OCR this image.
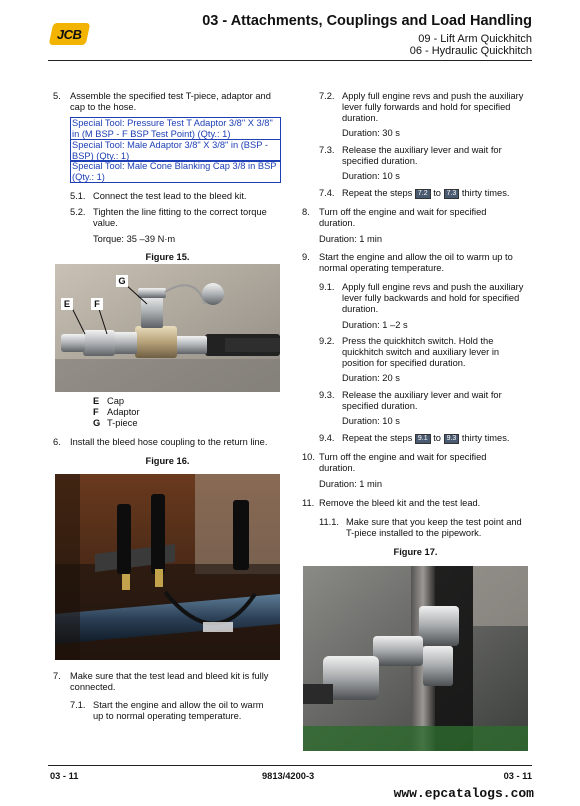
JCB
03 - Attachments, Couplings and Load Handling
09 - Lift Arm Quickhitch
06 - Hydraulic Quickhitch
5. Assemble the specified test T-piece, adaptor and
cap to the hose.
Special Tool: Pressure Test T Adaptor 3/8" X 3/8"
in (M BSP - F BSP Test Point) (Qty.: 1)
Special Tool: Male Adaptor 3/8" X 3/8" in (BSP -
BSP) (Qty.: 1)
Special Tool: Male Cone Blanking Cap 3/8 in BSP
(Qty.: 1)
5.1. Connect the test lead to the bleed kit.
5.2. Tighten the line fitting to the correct torque
value.
Torque: 35 –39 N·m
Figure 15.
E	F
G
E Cap
F Adaptor
G T-piece
6. Install the bleed hose coupling to the return line.
Figure 16.
7. Make sure that the test lead and bleed kit is fully
connected.
7.1. Start the engine and allow the oil to warm
up to normal operating temperature.
7.2. Apply full engine revs and push the auxiliary
lever fully forwards and hold for specified
duration.
Duration: 30 s
7.3. Release the auxiliary lever and wait for
specified duration.
Duration: 10 s
7.4. Repeat the steps 7.2 to 7.3 thirty times.
8. Turn off the engine and wait for specified
duration.
Duration: 1 min
9. Start the engine and allow the oil to warm up to
normal operating temperature.
9.1. Apply full engine revs and push the auxiliary
lever fully backwards and hold for specified
duration.
Duration: 1 –2 s
9.2. Press the quickhitch switch. Hold the
quickhitch switch and auxiliary lever in
position for specified duration.
Duration: 20 s
9.3. Release the auxiliary lever and wait for
specified duration.
Duration: 10 s
9.4. Repeat the steps 9.1 to 9.3 thirty times.
10. Turn off the engine and wait for specified
duration.
Duration: 1 min
11. Remove the bleed kit and the test lead.
11.1. Make sure that you keep the test point and
T-piece installed to the pipework.
Figure 17.
03 - 11	9813/4200-3	03 - 11
www.epcatalogs.com
